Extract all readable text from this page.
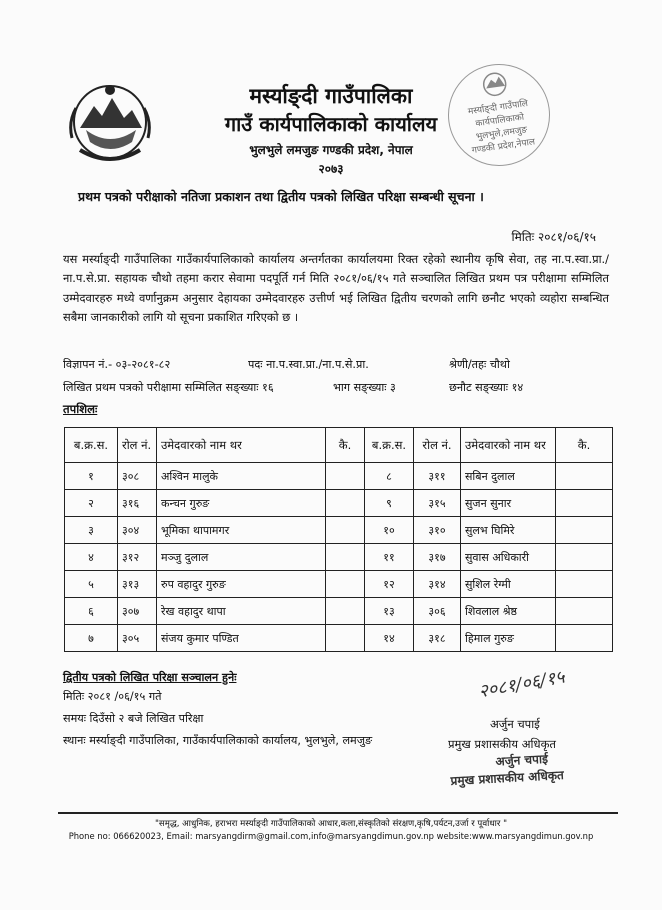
मर्स्याङ्दी गाउँपालिका
गाउँ कार्यपालिकाको कार्यालय
भुलभुले लमजुङ गण्डकी प्रदेश, नेपाल
२०७३
मर्स्याङ्दी गाउँपालि
कार्यपालिकाको
भुलभुले,लमजुङ
गण्डकी प्रदेश,नेपाल
प्रथम पत्रको परीक्षाको नतिजा प्रकाशन तथा द्वितीय पत्रको लिखित परिक्षा सम्बन्धी सूचना ।
मितिः २०८१/०६/१५
यस मर्स्याङ्दी गाउँपालिका गाउँकार्यपालिकाको कार्यालय अन्तर्गतका कार्यालयमा रिक्त रहेको स्थानीय कृषि सेवा, तह ना.प.स्वा.प्रा./ना.प.से.प्रा. सहायक चौथो तहमा करार सेवामा पदपूर्ति गर्न मिति २०८१/०६/१५ गते सञ्चालित लिखित प्रथम पत्र परीक्षामा सम्मिलित उम्मेदवारहरु मध्ये वर्णानुक्रम अनुसार देहायका उम्मेदवारहरु उत्तीर्ण भई लिखित द्वितीय चरणको लागि छनौट भएको व्यहोरा सम्बन्धित सबैमा जानकारीको लागि यो सूचना प्रकाशित गरिएको छ ।
विज्ञापन नं.- ०३-२०८१-८२	पदः ना.प.स्वा.प्रा./ना.प.से.प्रा.	श्रेणी/तहः चौथो
लिखित प्रथम पत्रको परीक्षामा सम्मिलित सङ्ख्याः १६	भाग सङ्ख्याः ३	छनौट सङ्ख्याः १४
तपशिलः
ब.क्र.स.	रोल नं.	उमेदवारको नाम थर	कै.	ब.क्र.स.	रोल नं.	उमेदवारको नाम थर	कै.
१	३०८	अश्विन मालुके		८	३११	सबिन दुलाल	
२	३१६	कन्चन गुरुङ		९	३१५	सुजन सुनार	
३	३०४	भूमिका थापामगर		१०	३१०	सुलभ घिमिरे	
४	३१२	मञ्जु दुलाल		११	३१७	सुवास अधिकारी	
५	३१३	रुप वहादुर गुरुङ		१२	३१४	सुशिल रेग्मी	
६	३०७	रेख वहादुर थापा		१३	३०६	शिवलाल श्रेष्ठ	
७	३०५	संजय कुमार पण्डित		१४	३१८	हिमाल गुरुङ	
द्वितीय पत्रको लिखित परिक्षा सञ्चालन हुनेः
मितिः २०८१ /०६/१५ गते
समयः दिउँसो २ बजे लिखित परिक्षा
स्थानः मर्स्याङ्दी गाउँपालिका, गाउँकार्यपालिकाको कार्यालय, भुलभुले, लमजुङ
२०८१/०६/१५
अर्जुन चपाई
प्रमुख प्रशासकीय अधिकृत
अर्जुन चपाई
प्रमुख प्रशासकीय अधिकृत
"समृद्ध, आधुनिक, हराभरा मर्स्याङ्दी गाउँपालिकाको आधार,कला,संस्कृतिको संरक्षण,कृषि,पर्यटन,उर्जा र पूर्वाधार "
Phone no: 066620023, Email: marsyangdirm@gmail.com,info@marsyangdimun.gov.np website:www.marsyangdimun.gov.np
